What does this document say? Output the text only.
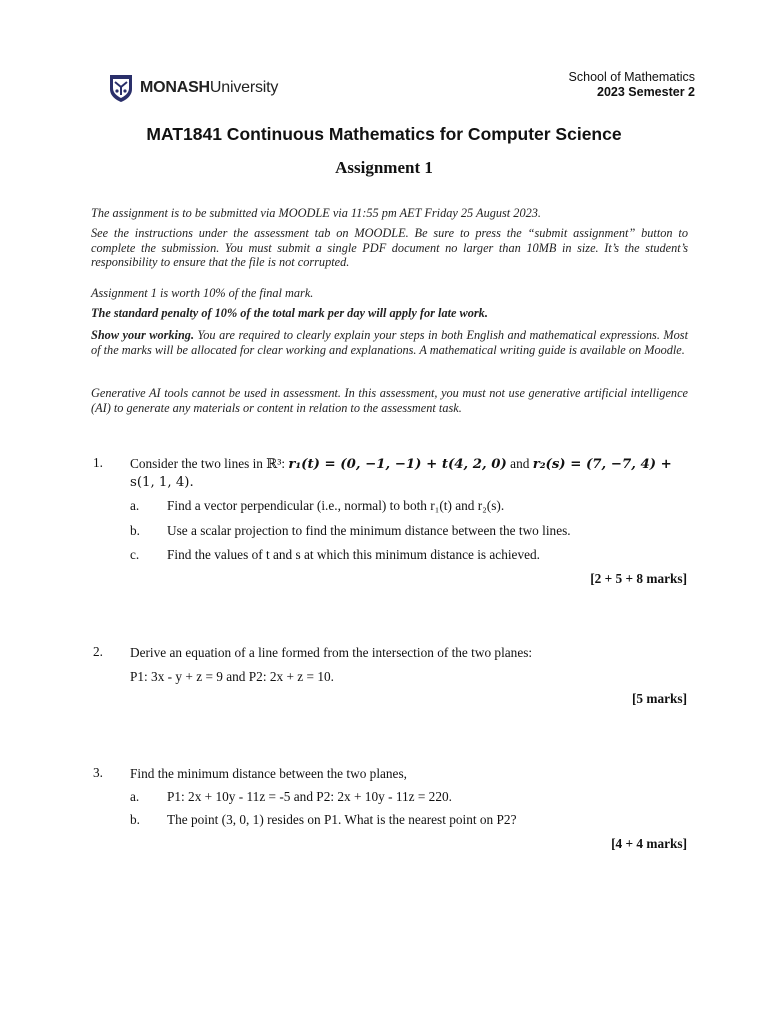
MONASHUniversity
School of Mathematics
2023 Semester 2
MAT1841 Continuous Mathematics for Computer Science
Assignment 1
The assignment is to be submitted via MOODLE via 11:55 pm AET Friday 25 August 2023.
See the instructions under the assessment tab on MOODLE. Be sure to press the “submit assignment” button to complete the submission. You must submit a single PDF document no larger than 10MB in size. It’s the student’s responsibility to ensure that the file is not corrupted.
Assignment 1 is worth 10% of the final mark.
The standard penalty of 10% of the total mark per day will apply for late work.
Show your working. You are required to clearly explain your steps in both English and mathematical expressions. Most of the marks will be allocated for clear working and explanations. A mathematical writing guide is available on Moodle.
Generative AI tools cannot be used in assessment. In this assessment, you must not use generative artificial intelligence (AI) to generate any materials or content in relation to the assessment task.
1. Consider the two lines in ℝ³: r₁(t) = (0, −1, −1) + t(4, 2, 0) and r₂(s) = (7, −7, 4) +
s(1, 1, 4).
a. Find a vector perpendicular (i.e., normal) to both r₁(t) and r₂(s).
b. Use a scalar projection to find the minimum distance between the two lines.
c. Find the values of t and s at which this minimum distance is achieved.
[2 + 5 + 8 marks]
2. Derive an equation of a line formed from the intersection of the two planes:
P1: 3x - y + z = 9 and P2: 2x + z = 10.
[5 marks]
3. Find the minimum distance between the two planes,
a. P1: 2x + 10y - 11z = -5 and P2: 2x + 10y - 11z = 220.
b. The point (3, 0, 1) resides on P1. What is the nearest point on P2?
[4 + 4 marks]
